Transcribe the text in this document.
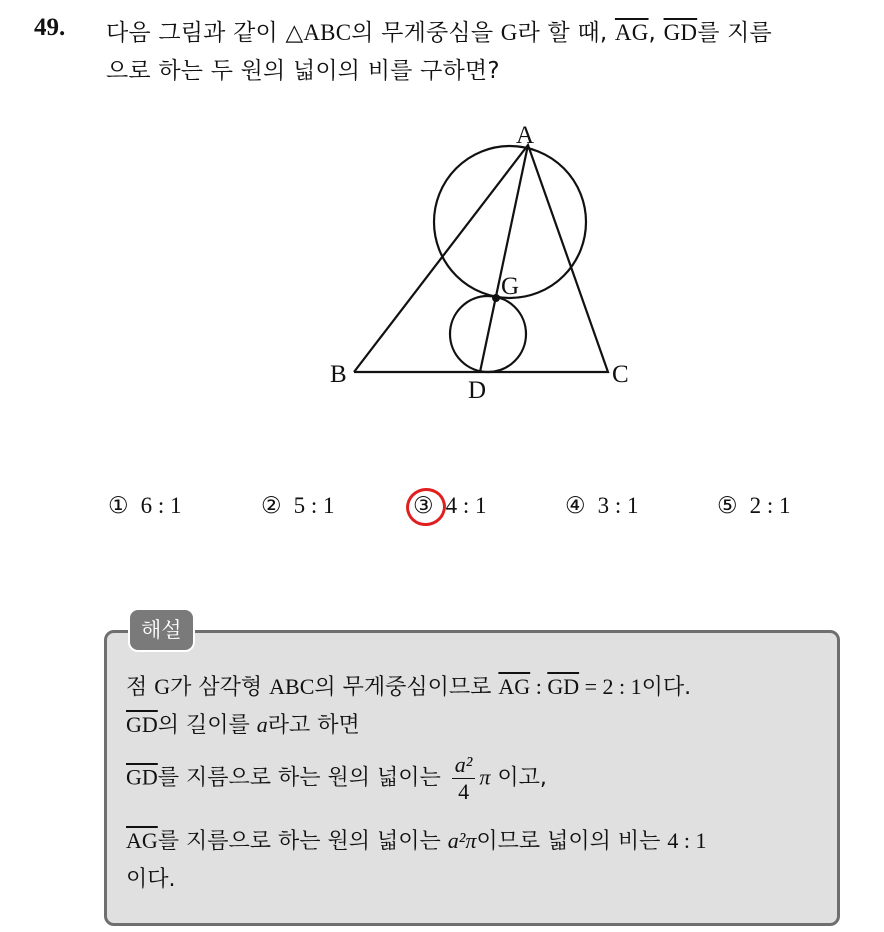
49. 다음 그림과 같이 △ABC의 무게중심을 G라 할 때, $\overline{AG}$, $\overline{GD}$를 지름
으로 하는 두 원의 넓이의 비를 구하면?
A
G
B	C
D
① 6 : 1	② 5 : 1	③ 4 : 1	④ 3 : 1	⑤ 2 : 1
해설
점 G가 삼각형 ABC의 무게중심이므로 $\overline{AG}$ : $\overline{GD} = 2$ : 1이다.
$\overline{GD}$의 길이를 a라고 하면
$\overline{GD}$를 지름으로 하는 원의 넓이는 $\frac{\text{a²}}{4}$ π 이고,
$\overline{AG}$를 지름으로 하는 원의 넓이는 a²π이므로 넓이의 비는 4 : 1
이다.
